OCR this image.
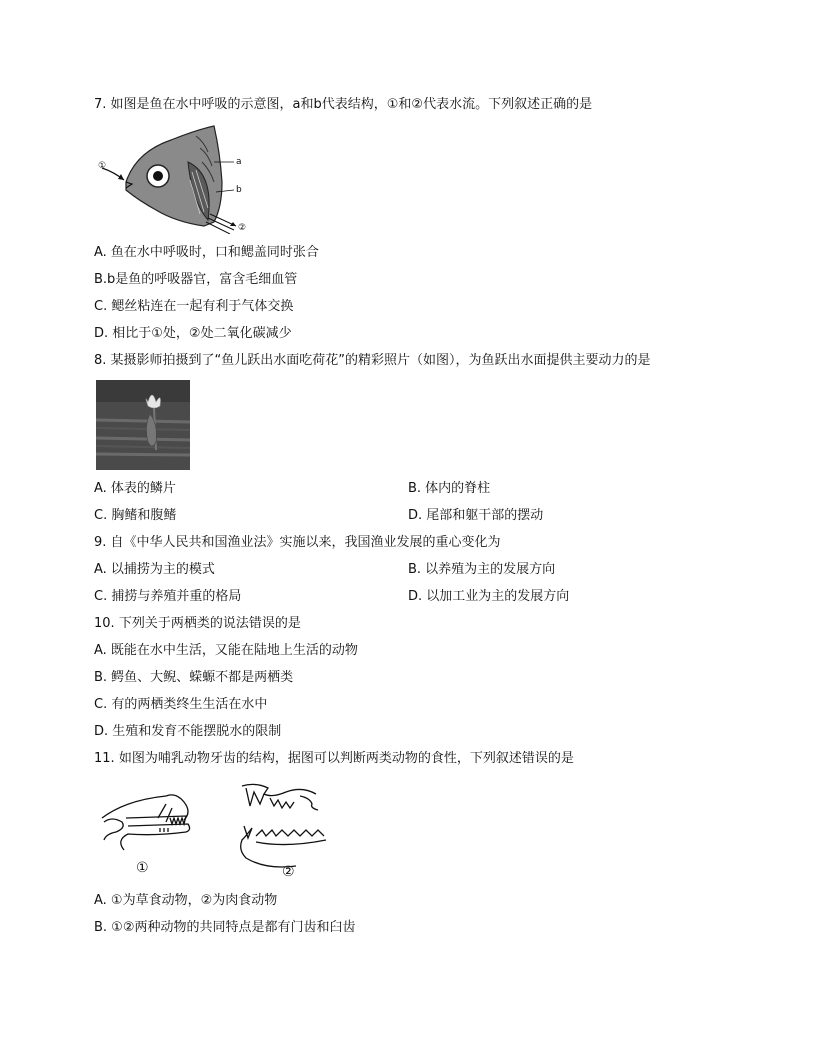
7. 如图是鱼在水中呼吸的示意图，a和b代表结构，①和②代表水流。下列叙述正确的是
①	a
b
②
A. 鱼在水中呼吸时，口和鳃盖同时张合
B.b是鱼的呼吸器官，富含毛细血管
C. 鳃丝粘连在一起有利于气体交换
D. 相比于①处，②处二氧化碳减少
8. 某摄影师拍摄到了“鱼儿跃出水面吃荷花”的精彩照片（如图），为鱼跃出水面提供主要动力的是
A. 体表的鳞片	B. 体内的脊柱
C. 胸鳍和腹鳍	D. 尾部和躯干部的摆动
9. 自《中华人民共和国渔业法》实施以来，我国渔业发展的重心变化为
A. 以捕捞为主的模式	B. 以养殖为主的发展方向
C. 捕捞与养殖并重的格局	D. 以加工业为主的发展方向
10. 下列关于两栖类的说法错误的是
A. 既能在水中生活，又能在陆地上生活的动物
B. 鳄鱼、大鲵、蝾螈不都是两栖类
C. 有的两栖类终生生活在水中
D. 生殖和发育不能摆脱水的限制
11. 如图为哺乳动物牙齿的结构，据图可以判断两类动物的食性，下列叙述错误的是
①	②
A. ①为草食动物，②为肉食动物
B. ①②两种动物的共同特点是都有门齿和臼齿
